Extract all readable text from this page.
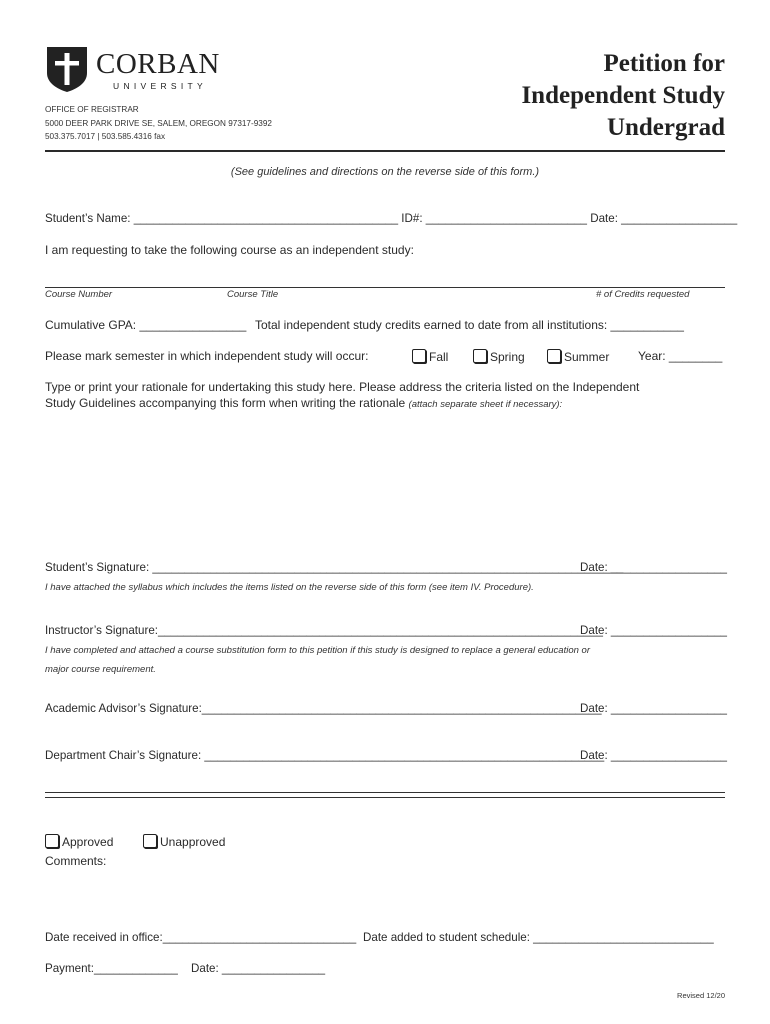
CORBAN
UNIVERSITY
OFFICE OF REGISTRAR
5000 DEER PARK DRIVE SE, SALEM, OREGON 97317-9392
503.375.7017 | 503.585.4316 fax
Petition for
Independent Study
Undergrad
(See guidelines and directions on the reverse side of this form.)
Student’s Name: _________________________________________ ID#: _________________________ Date: __________________
I am requesting to take the following course as an independent study:
Course Number	Course Title	# of Credits requested
Cumulative GPA: ________________ Total independent study credits earned to date from all institutions: ___________
Please mark semester in which independent study will occur:	Fall	Spring	Summer Year: ________
Type or print your rationale for undertaking this study here. Please address the criteria listed on the Independent
Study Guidelines accompanying this form when writing the rationale (attach separate sheet if necessary):
Student’s Signature: _________________________________________________________________________
Date: __________________
I have attached the syllabus which includes the items listed on the reverse side of this form (see item IV. Procedure).
Instructor’s Signature:_____________________________________________________________________
Date: __________________
I have completed and attached a course substitution form to this petition if this study is designed to replace a general education or
major course requirement.
Academic Advisor’s Signature:______________________________________________________________
Date: __________________
Department Chair’s Signature: ______________________________________________________________
Date: __________________
Approved	Unapproved
Comments:
Date received in office:______________________________ Date added to student schedule: ____________________________
Payment:_____________ Date: ________________
Revised 12/20
